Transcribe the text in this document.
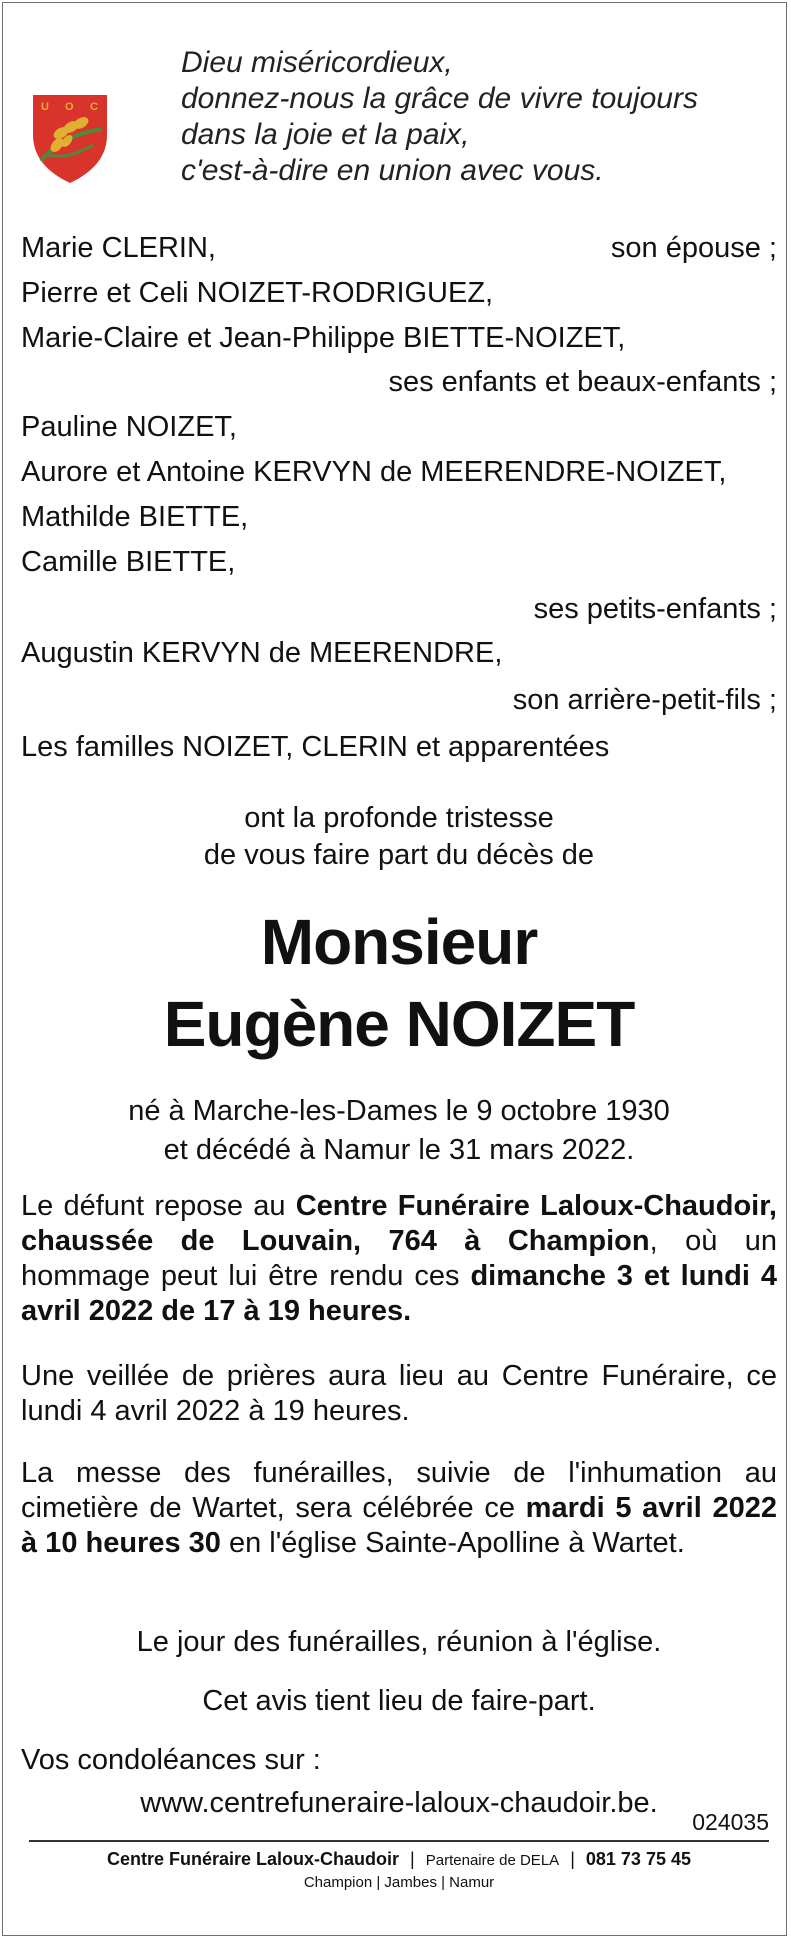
U O C
Dieu miséricordieux,
donnez-nous la grâce de vivre toujours
dans la joie et la paix,
c'est-à-dire en union avec vous.
Marie CLERIN,	son épouse ;
Pierre et Celi NOIZET-RODRIGUEZ,
Marie-Claire et Jean-Philippe BIETTE-NOIZET,
ses enfants et beaux-enfants ;
Pauline NOIZET,
Aurore et Antoine KERVYN de MEERENDRE-NOIZET,
Mathilde BIETTE,
Camille BIETTE,
ses petits-enfants ;
Augustin KERVYN de MEERENDRE,
son arrière-petit-fils ;
Les familles NOIZET, CLERIN et apparentées
ont la profonde tristesse
de vous faire part du décès de
Monsieur
Eugène NOIZET
né à Marche-les-Dames le 9 octobre 1930
et décédé à Namur le 31 mars 2022.
Le défunt repose au Centre Funéraire Laloux-Chaudoir, chaussée de Louvain, 764 à Champion, où un hommage peut lui être rendu ces dimanche 3 et lundi 4 avril 2022 de 17 à 19 heures.
Une veillée de prières aura lieu au Centre Funéraire, ce lundi 4 avril 2022 à 19 heures.
La messe des funérailles, suivie de l'inhumation au cimetière de Wartet, sera célébrée ce mardi 5 avril 2022 à 10 heures 30 en l'église Sainte-Apolline à Wartet.
Le jour des funérailles, réunion à l'église.
Cet avis tient lieu de faire-part.
Vos condoléances sur :
www.centrefuneraire-laloux-chaudoir.be.
024035
Centre Funéraire Laloux-Chaudoir | Partenaire de DELA | 081 73 75 45
Champion | Jambes | Namur
